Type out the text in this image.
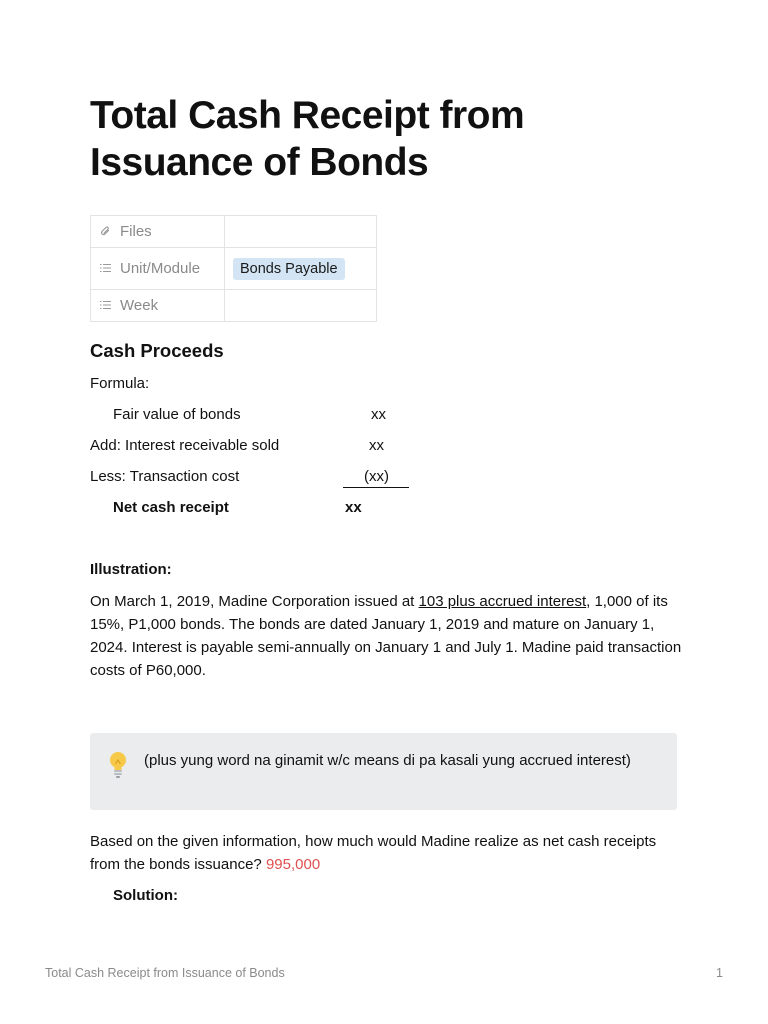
Total Cash Receipt from Issuance of Bonds
Files	
Unit/Module	Bonds Payable
Week	
Cash Proceeds

Formula:

Fair value of bonds	xx

Add: Interest receivable sold	xx

Less: Transaction cost	(xx)

Net cash receipt	xx

Illustration:

On March 1, 2019, Madine Corporation issued at 103 plus accrued interest, 1,000 of its 15%, P1,000 bonds. The bonds are dated January 1, 2019 and mature on January 1, 2024. Interest is payable semi-annually on January 1 and July 1. Madine paid transaction costs of P60,000.

(plus yung word na ginamit w/c means di pa kasali yung accrued interest)

Based on the given information, how much would Madine realize as net cash receipts from the bonds issuance? 995,000

Solution:

Total Cash Receipt from Issuance of Bonds	1
